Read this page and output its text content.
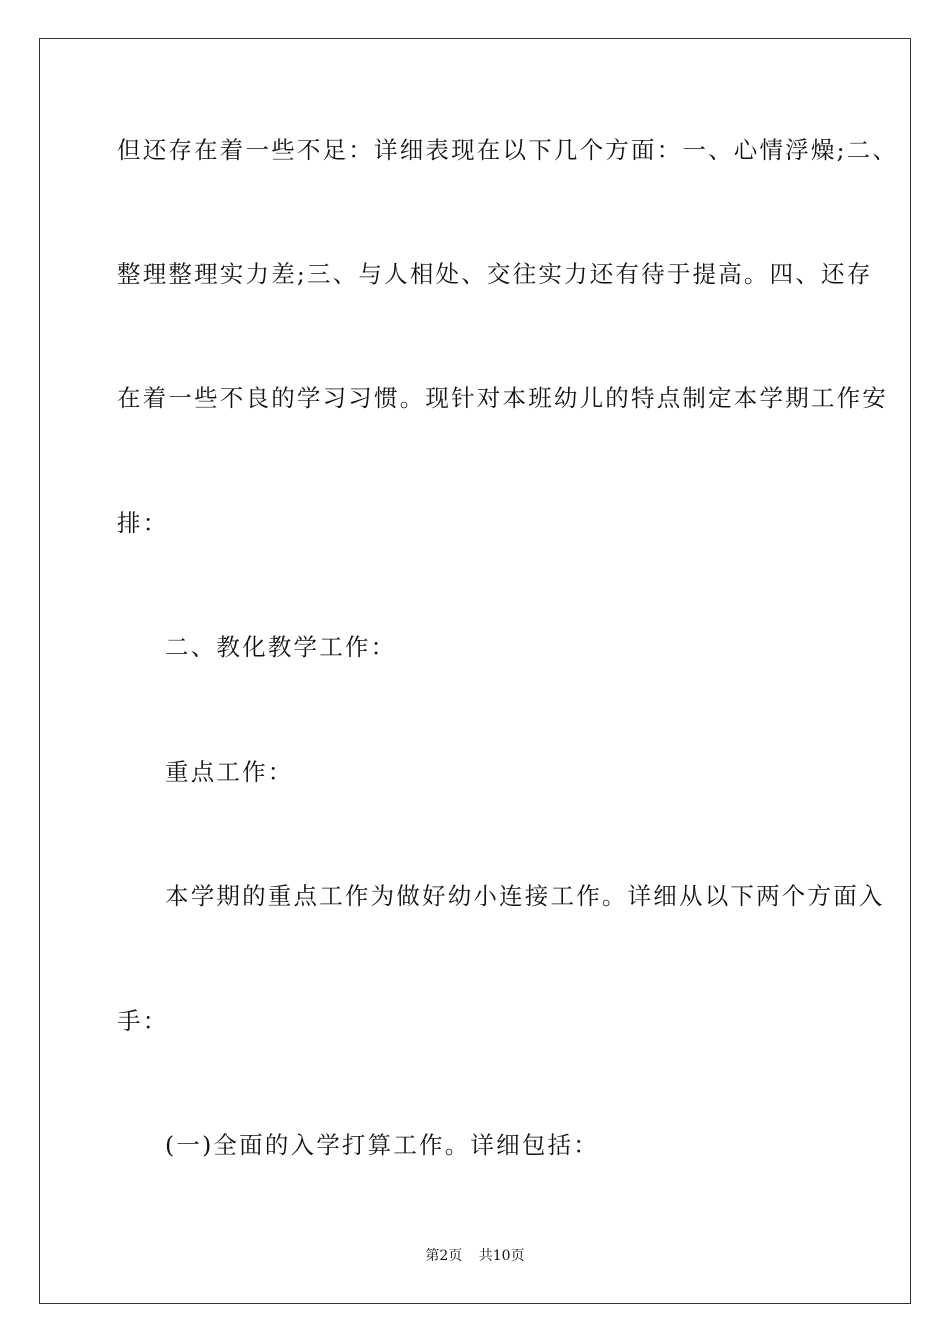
但还存在着一些不足：详细表现在以下几个方面：一、心情浮燥;二、
整理整理实力差;三、与人相处、交往实力还有待于提高。四、还存
在着一些不良的学习习惯。现针对本班幼儿的特点制定本学期工作安
排：
二、教化教学工作：
重点工作：
本学期的重点工作为做好幼小连接工作。详细从以下两个方面入
手：
(一)全面的入学打算工作。详细包括：
第2页 共10页
